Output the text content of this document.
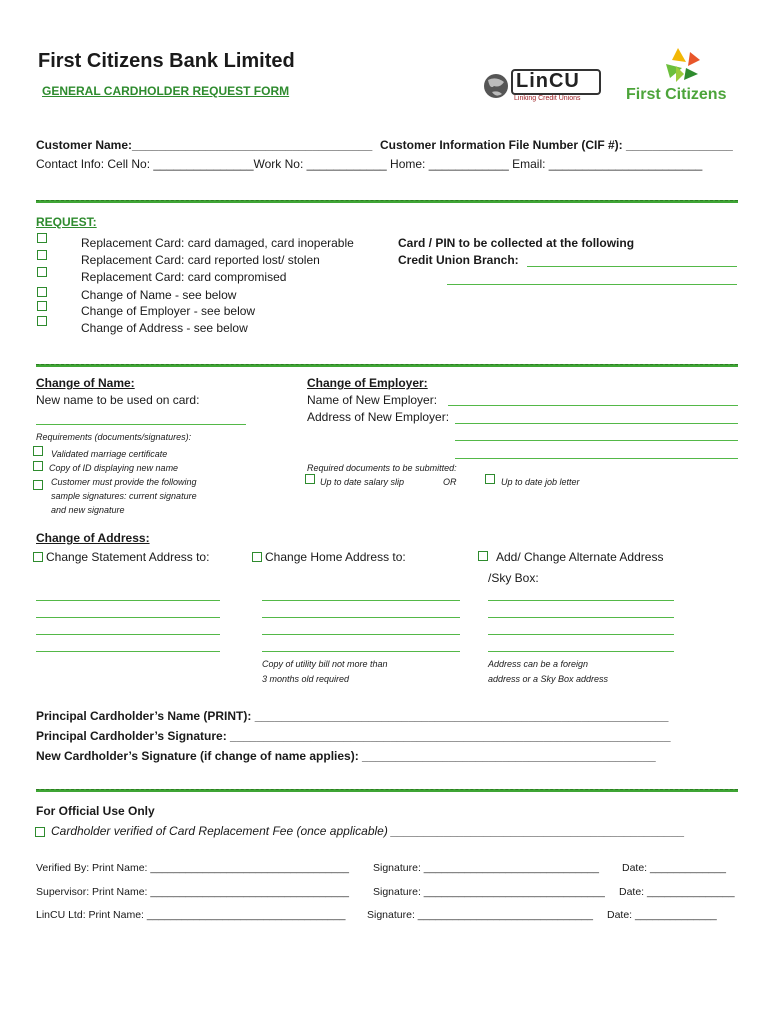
First Citizens Bank Limited
GENERAL CARDHOLDER REQUEST FORM	LinCU
Linking Credit Unions	First Citizens
Customer Name:____________________________________ Customer Information File Number (CIF #): ________________
Contact Info: Cell No: _______________Work No: ____________ Home: ____________ Email: _______________________
REQUEST:
Replacement Card: card damaged, card inoperable
Replacement Card: card reported lost/ stolen
Replacement Card: card compromised
Change of Name - see below
Change of Employer - see below
Change of Address - see below
Card / PIN to be collected at the following
Credit Union Branch:
Change of Name:
New name to be used on card:
Requirements (documents/signatures):
Validated marriage certificate
Copy of ID displaying new name
Customer must provide the following
sample signatures: current signature
and new signature
Change of Employer:
Name of New Employer:
Address of New Employer:
Required documents to be submitted:
Up to date salary slip	OR	Up to date job letter
Change of Address:
Change Statement Address to:	Change Home Address to:	Add/ Change Alternate Address
/Sky Box:
Copy of utility bill not more than
3 months old required
Address can be a foreign
address or a Sky Box address
Principal Cardholder’s Name (PRINT): ______________________________________________________________
Principal Cardholder’s Signature: __________________________________________________________________
New Cardholder’s Signature (if change of name applies): ____________________________________________
For Official Use Only
Cardholder verified of Card Replacement Fee (once applicable) ____________________________________________
Verified By: Print Name: __________________________________ Signature: ______________________________ Date: _____________
Supervisor: Print Name: __________________________________ Signature: _______________________________ Date: _______________
LinCU Ltd: Print Name: __________________________________ Signature: ______________________________ Date: ______________
